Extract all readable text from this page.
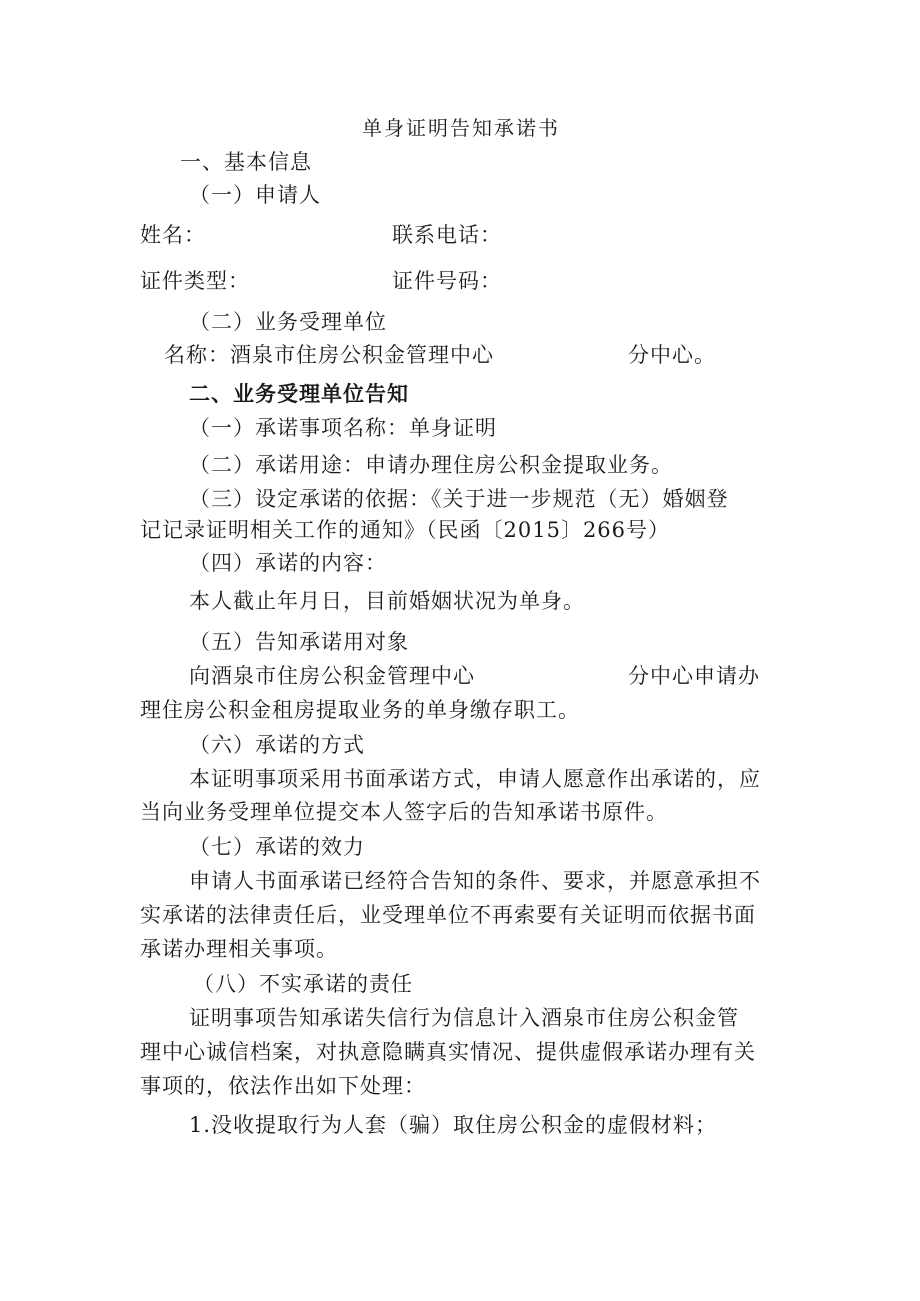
单身证明告知承诺书
一、基本信息
（一）申请人
姓名：	联系电话：
证件类型：	证件号码：
（二）业务受理单位
名称：酒泉市住房公积金管理中心	分中心。
二、业务受理单位告知
（一）承诺事项名称：单身证明
（二）承诺用途：申请办理住房公积金提取业务。
（三）设定承诺的依据：《关于进一步规范（无）婚姻登
记记录证明相关工作的通知》（民函〔2015〕266号）
（四）承诺的内容：
本人截止年月日，目前婚姻状况为单身。
（五）告知承诺用对象
向酒泉市住房公积金管理中心	分中心申请办
理住房公积金租房提取业务的单身缴存职工。
（六）承诺的方式
本证明事项采用书面承诺方式，申请人愿意作出承诺的，应
当向业务受理单位提交本人签字后的告知承诺书原件。
（七）承诺的效力
申请人书面承诺已经符合告知的条件、要求，并愿意承担不
实承诺的法律责任后，业受理单位不再索要有关证明而依据书面
承诺办理相关事项。
（八）不实承诺的责任
证明事项告知承诺失信行为信息计入酒泉市住房公积金管
理中心诚信档案，对执意隐瞒真实情况、提供虚假承诺办理有关
事项的，依法作出如下处理：
1.没收提取行为人套（骗）取住房公积金的虚假材料；
